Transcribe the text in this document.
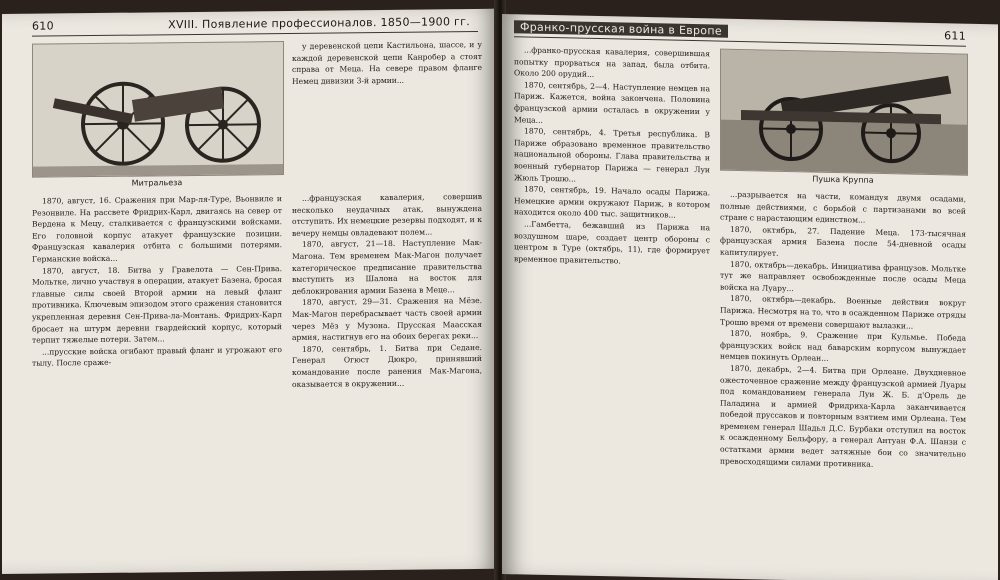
610	XVIII. Появление профессионалов. 1850—1900 гг.
Митральеза

у деревенской цепи Кастильона, шасcе, и у каждой деревенской цепи Канробер а стоят справа от Меца. На севере правом фланге Немец дивизии 3-й армии...

1870, август, 16. Сражения при Мар-ля-Туре, Вьонвиле и Резонвиле. На рассвете Фридрих-Карл, двигаясь на север от Вердена к Мецу, сталкивается с французскими войсками. Его головной корпус атакует французские позиции. Французская кавалерия отбита с большими потерями. Германские войска...

1870, август, 18. Битва у Гравелота — Сен-Прива. Мольтке, лично участвуя в операции, атакует Базена, бросая главные силы своей Второй армии на левый фланг противника. Ключевым эпизодом этого сражения становится укрепленная деревня Сен-Прива-ла-Монтань. Фридрих-Карл бросает на штурм деревни гвардейский корпус, который терпит тяжелые потери. Затем...

...прусские войска огибают правый фланг и угрожают его тылу. После сраже-

...французская кавалерия, совершив несколько неудачных атак, вынуждена отступить. Их немецкие резервы подходят, и к вечеру немцы овладевают полем...

1870, август, 21—18. Наступление Мак-Магона. Тем временем Мак-Магон получает категорическое предписание правительства выступить из Шалона на восток для деблокирования армии Базена в Меце...

1870, август, 29—31. Сражения на Мёзе. Мак-Магон перебрасывает часть своей армии через Мёз у Музона. Прусская Маасская армия, настигнув его на обоих берегах реки...

1870, сентябрь, 1. Битва при Седане. Генерал Огюст Дюкро, принявший командование после ранения Мак-Магона, оказывается в окружении...

Франко-прусская война в Европе	611

...франко-прусская кавалерия, совершившая попытку прорваться на запад, была отбита. Около 200 орудий...

1870, сентябрь, 2—4. Наступление немцев на Париж. Кажется, война закончена. Половина французской армии осталась в окружении у Меца...

1870, сентябрь, 4. Третья республика. В Париже образовано временное правительство национальной обороны. Глава правительства и военный губернатор Парижа — генерал Луи Жюль Трошю...

1870, сентябрь, 19. Начало осады Парижа. Немецкие армии окружают Париж, в котором находится около 400 тыс. защитников...

...Гамбетта, бежавший из Парижа на воздушном шаре, создает центр обороны с центром в Туре (октябрь, 11), где формирует временное правительство.

Пушка Круппа

...разрывается на части, командуя двумя осадами, полные действиями, с борьбой с партизанами во всей стране с нарастающим единством...

1870, октябрь, 27. Падение Меца. 173-тысячная французская армия Базена после 54-дневной осады капитулирует.

1870, октябрь—декабрь. Инициатива французов. Мольтке тут же направляет освобожденные после осады Меца войска на Луару...

1870, октябрь—декабрь. Военные действия вокруг Парижа. Несмотря на то, что в осажденном Париже отряды Трошю время от времени совершают вылазки...

1870, ноябрь, 9. Сражение при Кульмье. Победа французских войск над баварским корпусом вынуждает немцев покинуть Орлеан...

1870, декабрь, 2—4. Битва при Орлеане. Двухдневное ожесточенное сражение между французской армией Луары под командованием генерала Луи Ж. Б. д'Орель де Паладина и армией Фридриха-Карла заканчивается победой пруссаков и повторным взятием ими Орлеана. Тем временем генерал Шадьл Д.С. Бурбаки отступил на восток к осажденному Бельфору, а генерал Антуан Ф.А. Шанзи с остатками армии ведет затяжные бои со значительно превосходящими силами противника.
